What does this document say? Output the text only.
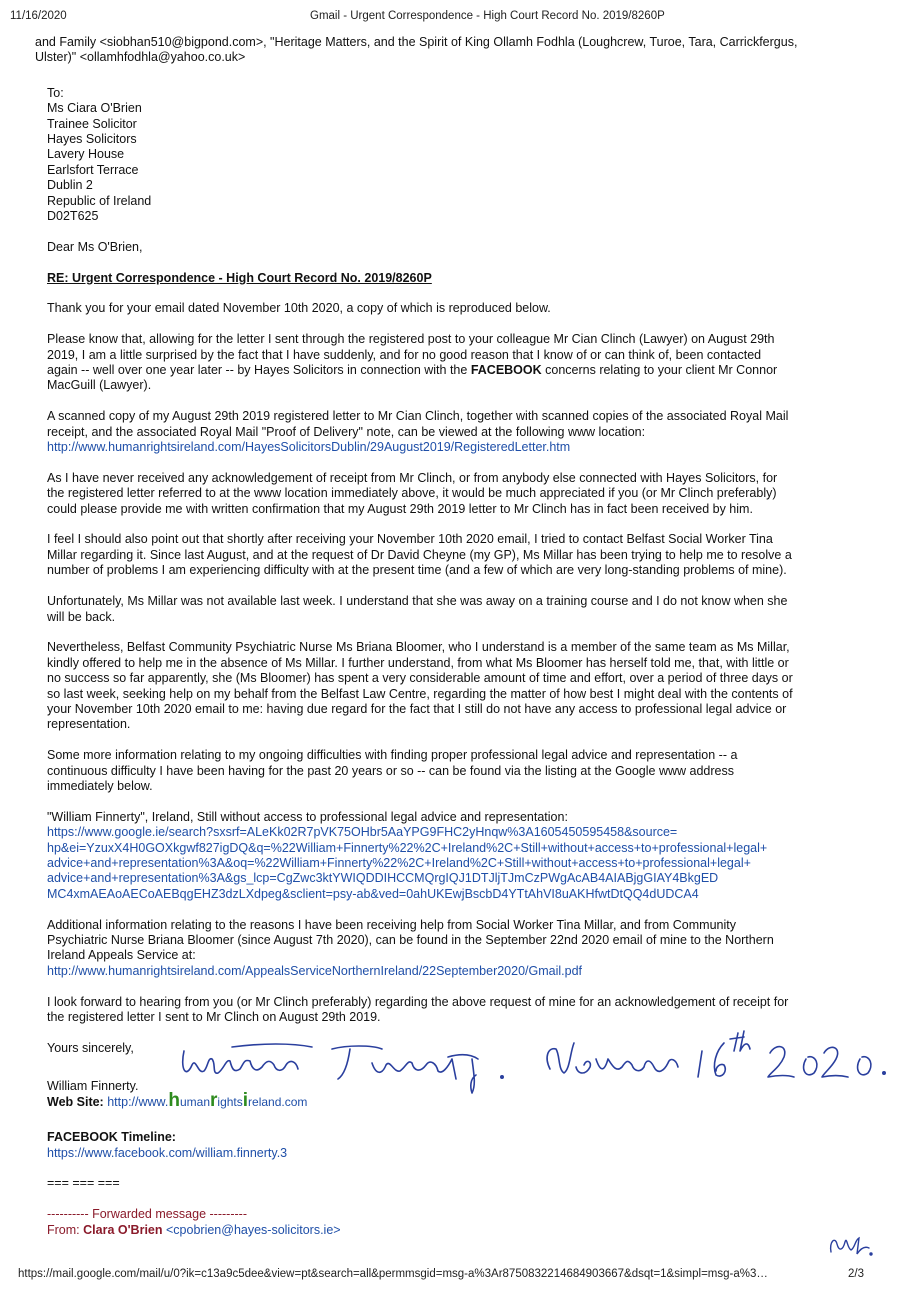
11/16/2020	Gmail - Urgent Correspondence - High Court Record No. 2019/8260P
and Family <siobhan510@bigpond.com>, "Heritage Matters, and the Spirit of King Ollamh Fodhla (Loughcrew, Turoe, Tara, Carrickfergus,
Ulster)" <ollamhfodhla@yahoo.co.uk>
To:
Ms Ciara O'Brien
Trainee Solicitor
Hayes Solicitors
Lavery House
Earlsfort Terrace
Dublin 2
Republic of Ireland
D02T625

Dear Ms O'Brien,

RE: Urgent Correspondence - High Court Record No. 2019/8260P

Thank you for your email dated November 10th 2020, a copy of which is reproduced below.

Please know that, allowing for the letter I sent through the registered post to your colleague Mr Cian Clinch (Lawyer) on August 29th
2019, I am a little surprised by the fact that I have suddenly, and for no good reason that I know of or can think of, been contacted
again -- well over one year later -- by Hayes Solicitors in connection with the FACEBOOK concerns relating to your client Mr Connor
MacGuill (Lawyer).
A scanned copy of my August 29th 2019 registered letter to Mr Cian Clinch, together with scanned copies of the associated Royal Mail
receipt, and the associated Royal Mail "Proof of Delivery" note, can be viewed at the following www location:
http://www.humanrightsireland.com/HayesSolicitorsDublin/29August2019/RegisteredLetter.htm
As I have never received any acknowledgement of receipt from Mr Clinch, or from anybody else connected with Hayes Solicitors, for
the registered letter referred to at the www location immediately above, it would be much appreciated if you (or Mr Clinch preferably)
could please provide me with written confirmation that my August 29th 2019 letter to Mr Clinch has in fact been received by him.
I feel I should also point out that shortly after receiving your November 10th 2020 email, I tried to contact Belfast Social Worker Tina
Millar regarding it. Since last August, and at the request of Dr David Cheyne (my GP), Ms Millar has been trying to help me to resolve a
number of problems I am experiencing difficulty with at the present time (and a few of which are very long-standing problems of mine).
Unfortunately, Ms Millar was not available last week. I understand that she was away on a training course and I do not know when she
will be back.
Nevertheless, Belfast Community Psychiatric Nurse Ms Briana Bloomer, who I understand is a member of the same team as Ms Millar,
kindly offered to help me in the absence of Ms Millar. I further understand, from what Ms Bloomer has herself told me, that, with little or
no success so far apparently, she (Ms Bloomer) has spent a very considerable amount of time and effort, over a period of three days or
so last week, seeking help on my behalf from the Belfast Law Centre, regarding the matter of how best I might deal with the contents of
your November 10th 2020 email to me: having due regard for the fact that I still do not have any access to professional legal advice or
representation.
Some more information relating to my ongoing difficulties with finding proper professional legal advice and representation -- a
continuous difficulty I have been having for the past 20 years or so -- can be found via the listing at the Google www address
immediately below.
"William Finnerty", Ireland, Still without access to professional legal advice and representation:
https://www.google.ie/search?sxsrf=ALeKk02R7pVK75OHbr5AaYPG9FHC2yHnqw%3A1605450595458&source=
hp&ei=YzuxX4H0GOXkgwf827igDQ&q=%22William+Finnerty%22%2C+Ireland%2C+Still+without+access+to+professional+legal+
advice+and+representation%3A&oq=%22William+Finnerty%22%2C+Ireland%2C+Still+without+access+to+professional+legal+
advice+and+representation%3A&gs_lcp=CgZwc3ktYWIQDDIHCCMQrgIQJ1DTJljTJmCzPWgAcAB4AIABjgGIAY4BkgED
MC4xmAEAoAECoAEBqgEHZ3dzLXdpeg&sclient=psy-ab&ved=0ahUKEwjBscbD4YTtAhVI8uAKHfwtDtQQ4dUDCA4
Additional information relating to the reasons I have been receiving help from Social Worker Tina Millar, and from Community
Psychiatric Nurse Briana Bloomer (since August 7th 2020), can be found in the September 22nd 2020 email of mine to the Northern
Ireland Appeals Service at:
http://www.humanrightsireland.com/AppealsServiceNorthernIreland/22September2020/Gmail.pdf
I look forward to hearing from you (or Mr Clinch preferably) regarding the above request of mine for an acknowledgement of receipt for
the registered letter I sent to Mr Clinch on August 29th 2019.
Yours sincerely,
William Finnerty.
Web Site: http://www.humanrightsireland.com
FACEBOOK Timeline:
https://www.facebook.com/william.finnerty.3

=== === ===

---------- Forwarded message ---------
From: Clara O'Brien <cpobrien@hayes-solicitors.ie>
https://mail.google.com/mail/u/0?ik=c13a9c5dee&view=pt&search=all&permmsgid=msg-a%3Ar8750832214684903667&dsqt=1&simpl=msg-a%3…	2/3
